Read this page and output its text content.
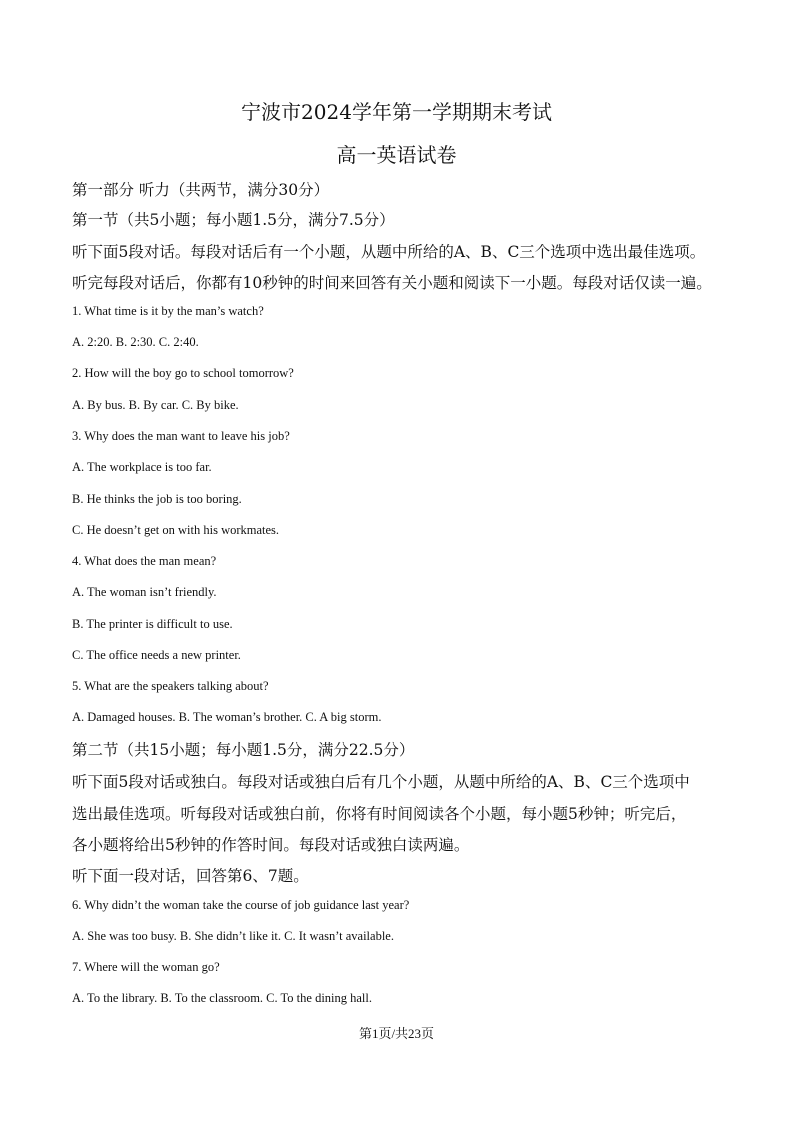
宁波市2024学年第一学期期末考试
高一英语试卷
第一部分 听力（共两节，满分30分）
第一节（共5小题；每小题1.5分，满分7.5分）
听下面5段对话。每段对话后有一个小题，从题中所给的A、B、C三个选项中选出最佳选项。
听完每段对话后，你都有10秒钟的时间来回答有关小题和阅读下一小题。每段对话仅读一遍。
1. What time is it by the man’s watch?
A. 2:20. B. 2:30. C. 2:40.
2. How will the boy go to school tomorrow?
A. By bus. B. By car. C. By bike.
3. Why does the man want to leave his job?
A. The workplace is too far.
B. He thinks the job is too boring.
C. He doesn’t get on with his workmates.
4. What does the man mean?
A. The woman isn’t friendly.
B. The printer is difficult to use.
C. The office needs a new printer.
5. What are the speakers talking about?
A. Damaged houses. B. The woman’s brother. C. A big storm.
第二节（共15小题；每小题1.5分，满分22.5分）
听下面5段对话或独白。每段对话或独白后有几个小题，从题中所给的A、B、C三个选项中
选出最佳选项。听每段对话或独白前，你将有时间阅读各个小题，每小题5秒钟；听完后，
各小题将给出5秒钟的作答时间。每段对话或独白读两遍。
听下面一段对话，回答第6、7题。
6. Why didn’t the woman take the course of job guidance last year?
A. She was too busy. B. She didn’t like it. C. It wasn’t available.
7. Where will the woman go?
A. To the library. B. To the classroom. C. To the dining hall.
第1页/共23页
